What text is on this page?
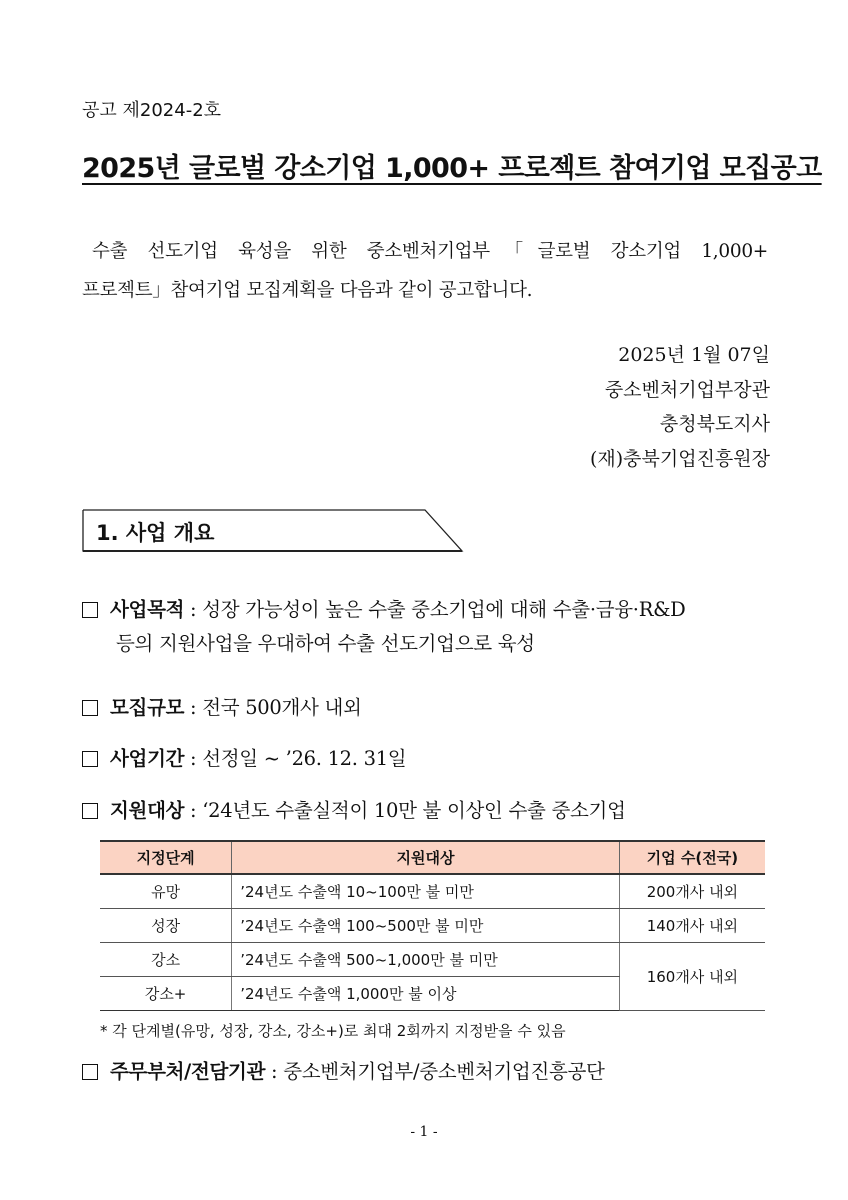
공고 제2024-2호
2025년 글로벌 강소기업 1,000+ 프로젝트 참여기업 모집공고

수출 선도기업 육성을 위한 중소벤처기업부「글로벌 강소기업 1,000+

프로젝트」참여기업 모집계획을 다음과 같이 공고합니다.

2025년 1월 07일
중소벤처기업부장관
충청북도지사
(재)충북기업진흥원장
1. 사업 개요
사업목적 : 성장 가능성이 높은 수출 중소기업에 대해 수출·금융·R&D
등의 지원사업을 우대하여 수출 선도기업으로 육성
모집규모 : 전국 500개사 내외
사업기간 : 선정일 ~ ’26. 12. 31일
지원대상 : ‘24년도 수출실적이 10만 불 이상인 수출 중소기업
지정단계	지원대상	기업 수(전국)
유망	’24년도 수출액 10~100만 불 미만	200개사 내외
성장	’24년도 수출액 100~500만 불 미만	140개사 내외
강소	’24년도 수출액 500~1,000만 불 미만	160개사 내외
강소+	’24년도 수출액 1,000만 불 이상	
* 각 단계별(유망, 성장, 강소, 강소+)로 최대 2회까지 지정받을 수 있음
주무부처/전담기관 : 중소벤처기업부/중소벤처기업진흥공단
- 1 -
